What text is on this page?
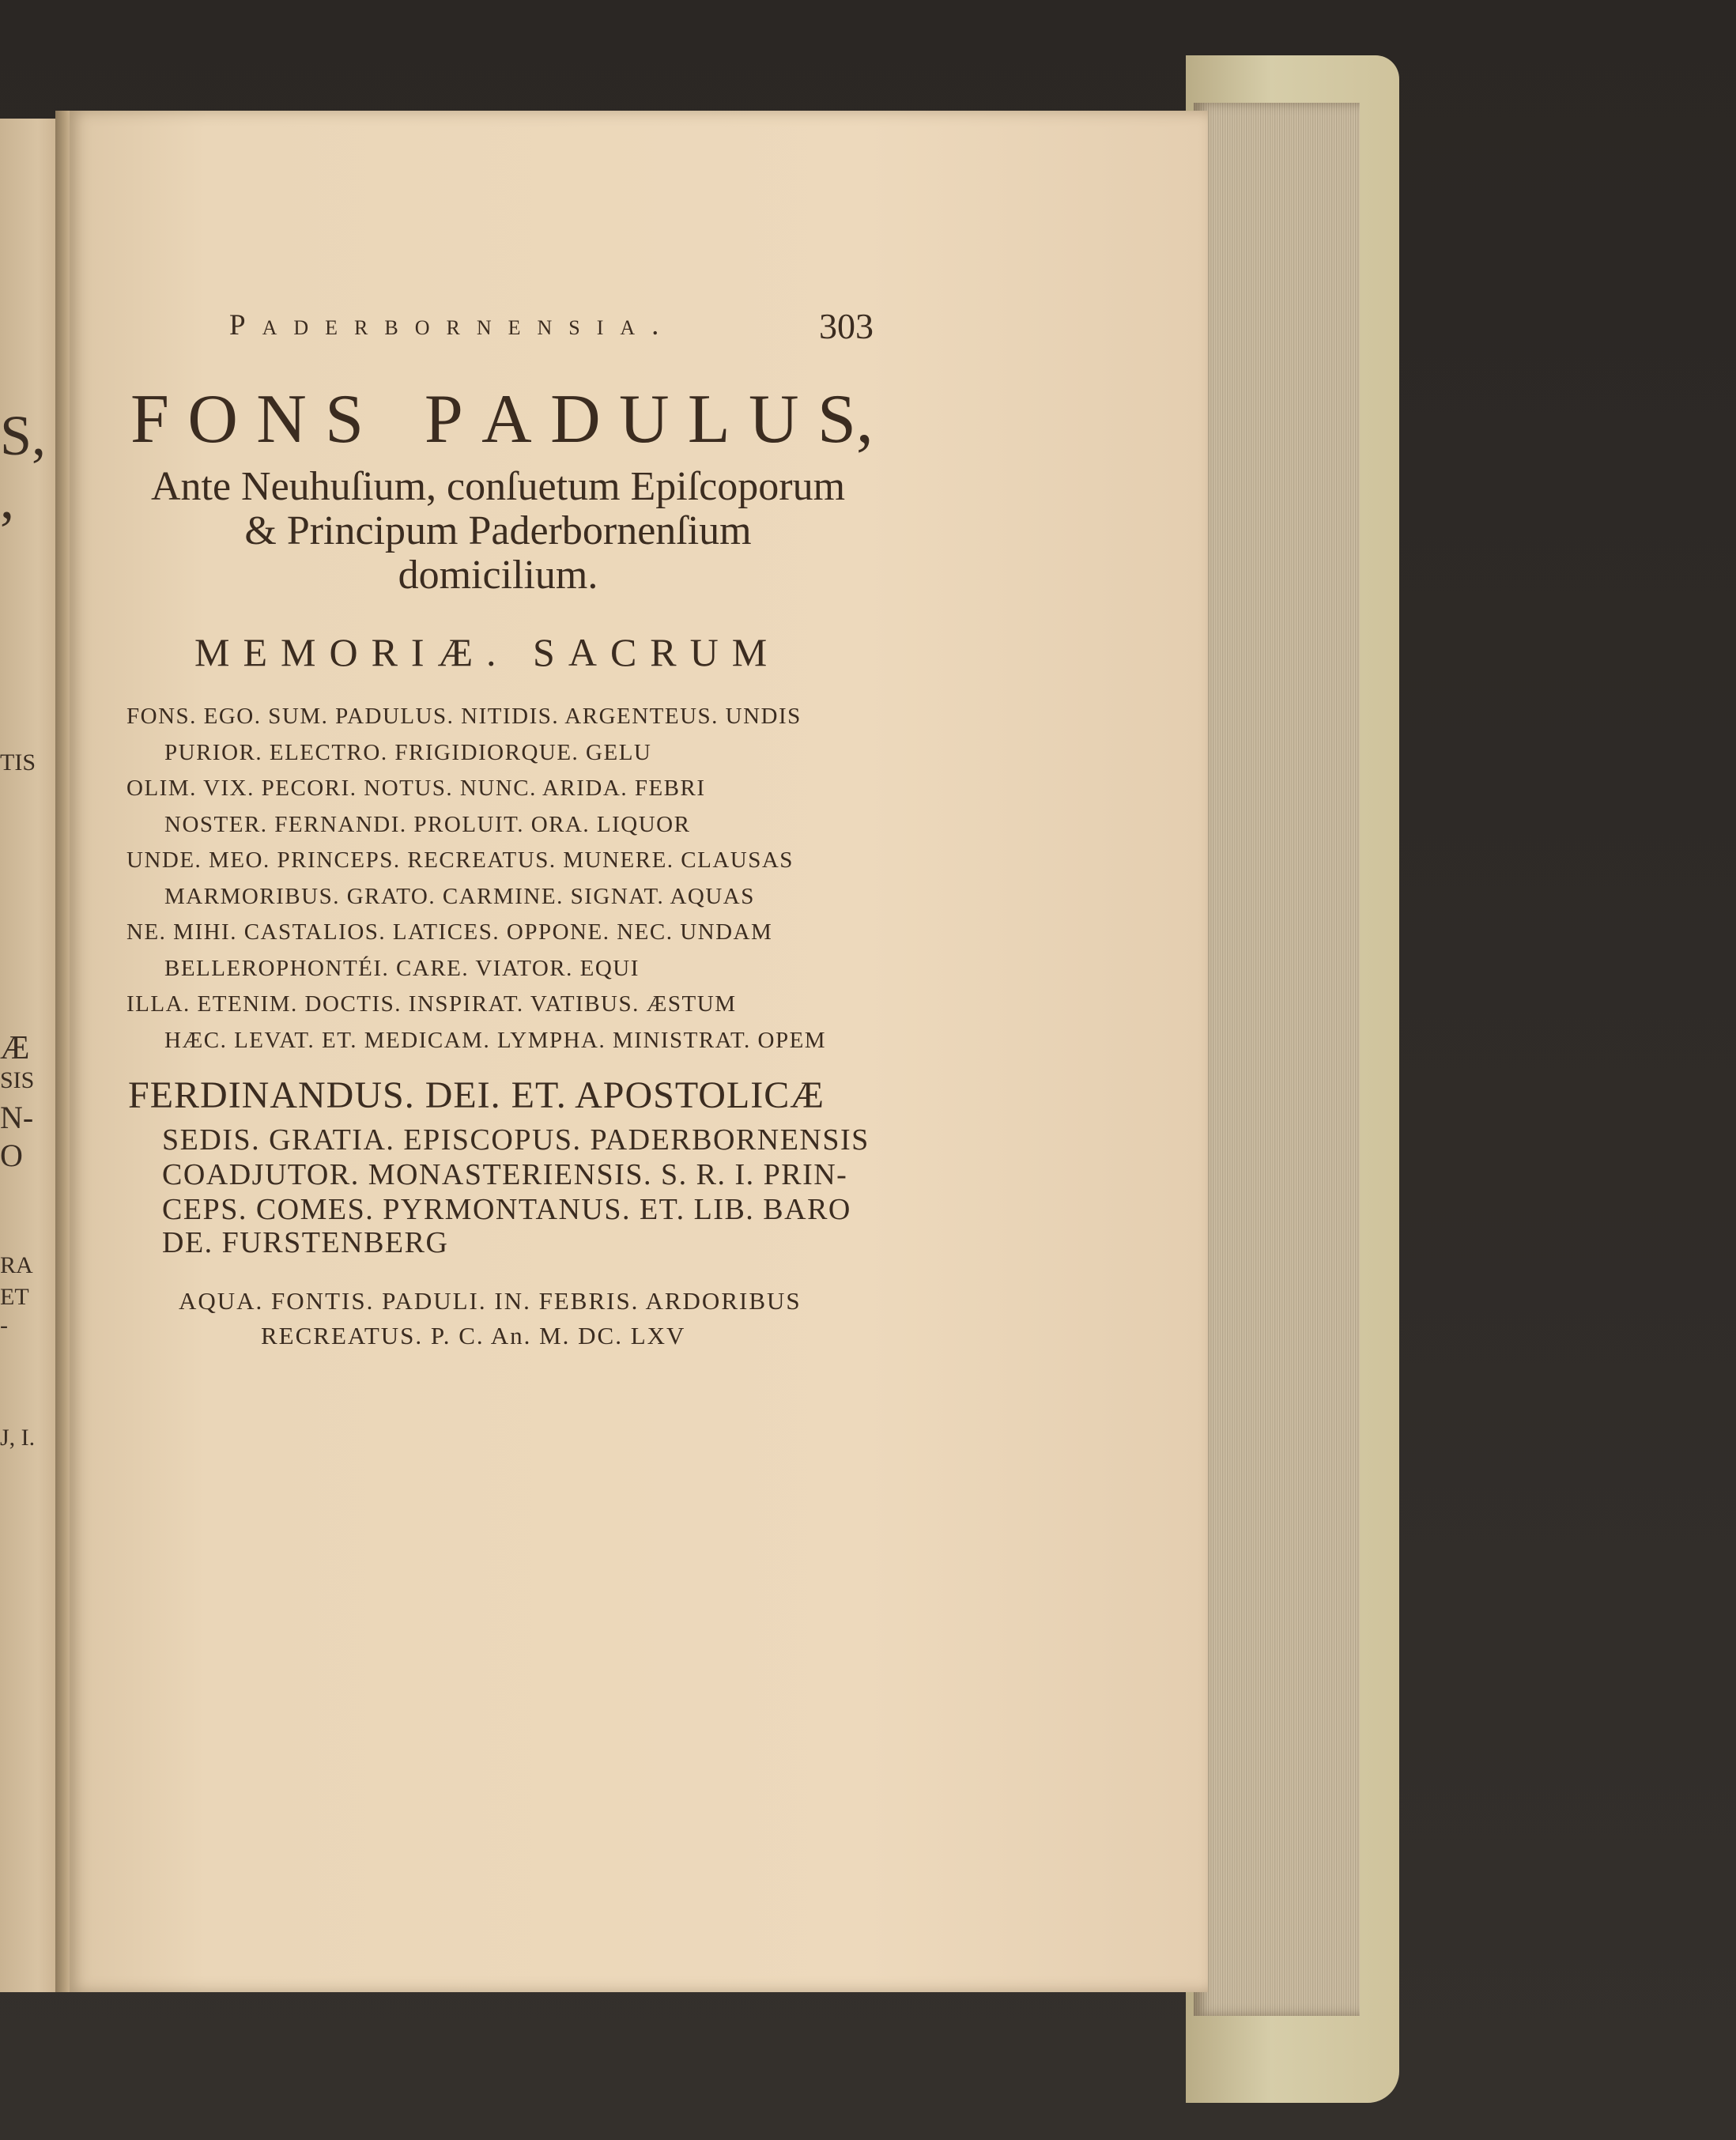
S,
,
TIS
Æ
SIS
N-
O
RA
ET
-
J, I.
Paderbornensia.	303
F O N S P A D U L U S,
Ante Neuhuſium, conſuetum Epiſcoporum
& Principum Paderbornenſium
domicilium.
MEMORIÆ. SACRUM
FONS. EGO. SUM. PADULUS. NITIDIS. ARGENTEUS. UNDIS
PURIOR. ELECTRO. FRIGIDIORQUE. GELU
OLIM. VIX. PECORI. NOTUS. NUNC. ARIDA. FEBRI
NOSTER. FERNANDI. PROLUIT. ORA. LIQUOR
UNDE. MEO. PRINCEPS. RECREATUS. MUNERE. CLAUSAS
MARMORIBUS. GRATO. CARMINE. SIGNAT. AQUAS
NE. MIHI. CASTALIOS. LATICES. OPPONE. NEC. UNDAM
BELLEROPHONTÉI. CARE. VIATOR. EQUI
ILLA. ETENIM. DOCTIS. INSPIRAT. VATIBUS. ÆSTUM
HÆC. LEVAT. ET. MEDICAM. LYMPHA. MINISTRAT. OPEM
FERDINANDUS. DEI. ET. APOSTOLICÆ
SEDIS. GRATIA. EPISCOPUS. PADERBORNENSIS
COADJUTOR. MONASTERIENSIS. S. R. I. PRIN-
CEPS. COMES. PYRMONTANUS. ET. LIB. BARO
DE. FURSTENBERG
AQUA. FONTIS. PADULI. IN. FEBRIS. ARDORIBUS
RECREATUS. P. C. An. M. DC. LXV
